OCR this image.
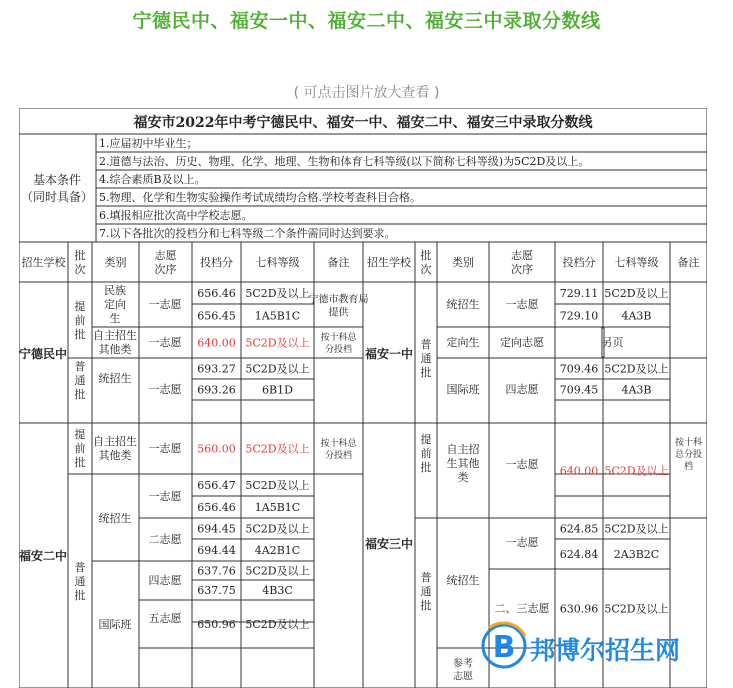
宁德民中、福安一中、福安二中、福安三中录取分数线
( 可点击图片放大查看 )
福安市2022年中考宁德民中、福安一中、福安二中、福安三中录取分数线
基本条件
（同时具备）
1.应届初中毕业生；
2.道德与法治、历史、物理、化学、地理、生物和体育七科等级(以下简称七科等级)为5C2D及以上。
4.综合素质B及以上。
5.物理、化学和生物实验操作考试成绩均合格.学校考查科目合格。
6.填报相应批次高中学校志愿。
7.以下各批次的投档分和七科等级二个条件需同时达到要求。
招生学校
批
次
类别
志愿
次序
投档分 七科等级	备注 招生学校
批
次
类别
志愿
次序
投档分 七科等级 备注
宁德民中
福安二中
提
前
批
普
通
批
提
前
批
普
通
批
民族
定向
生
自主招生
其他类
统招生
自主招生
其他类
统招生
国际班
一志愿
一志愿
一志愿
一志愿
一志愿
二志愿
四志愿
五志愿
656.46 5C2D及以上
656.45 1A5B1C
640.00 5C2D及以上
693.27 5C2D及以上
693.26 6B1D
560.00 5C2D及以上
656.47 5C2D及以上
656.46 1A5B1C
694.45 5C2D及以上
694.44 4A2B1C
637.76 5C2D及以上
637.75 4B3C
650.96 5C2D及以上
宁德市教育局
提供
按十科总
分投档
按十科总
分投档
福安一中
福安三中
普
通
批
提
前
批
普
通
批
统招生
定向生
国际班
自主招
生其他
类
统招生
参考
志愿
一志愿
定向志愿
四志愿
一志愿
一志愿
二、三志愿
另页
729.11 5C2D及以上
729.10 4A3B
709.46 5C2D及以上
709.45 4A3B
640.00 5C2D及以上
624.85 5C2D及以上
624.84 2A3B2C
630.96 5C2D及以上
按十科
总分投
档
B 邦博尔招生网
